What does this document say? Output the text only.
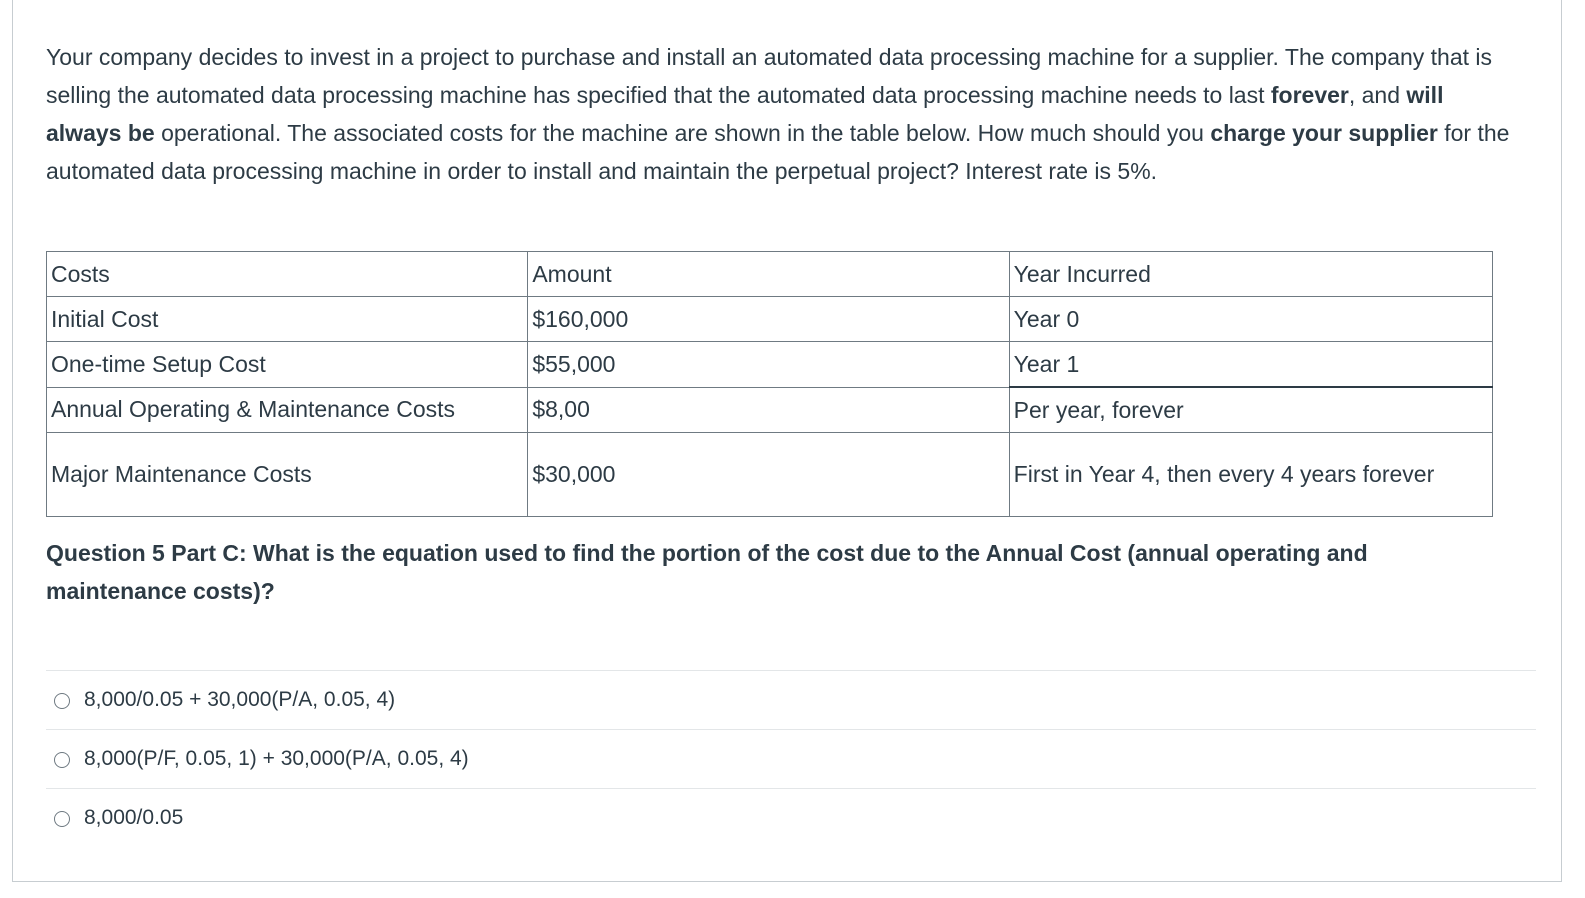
Your company decides to invest in a project to purchase and install an automated data processing machine for a supplier. The company that is selling the automated data processing machine has specified that the automated data processing machine needs to last forever, and will always be operational. The associated costs for the machine are shown in the table below. How much should you charge your supplier for the automated data processing machine in order to install and maintain the perpetual project? Interest rate is 5%.

Costs	Amount	Year Incurred
Initial Cost	$160,000	Year 0
One-time Setup Cost	$55,000	Year 1
Annual Operating & Maintenance Costs	$8,00	Per year, forever
Major Maintenance Costs	$30,000	First in Year 4, then every 4 years forever

Question 5 Part C: What is the equation used to find the portion of the cost due to the Annual Cost (annual operating and maintenance costs)?

8,000/0.05 + 30,000(P/A, 0.05, 4)
8,000(P/F, 0.05, 1) + 30,000(P/A, 0.05, 4)
8,000/0.05
